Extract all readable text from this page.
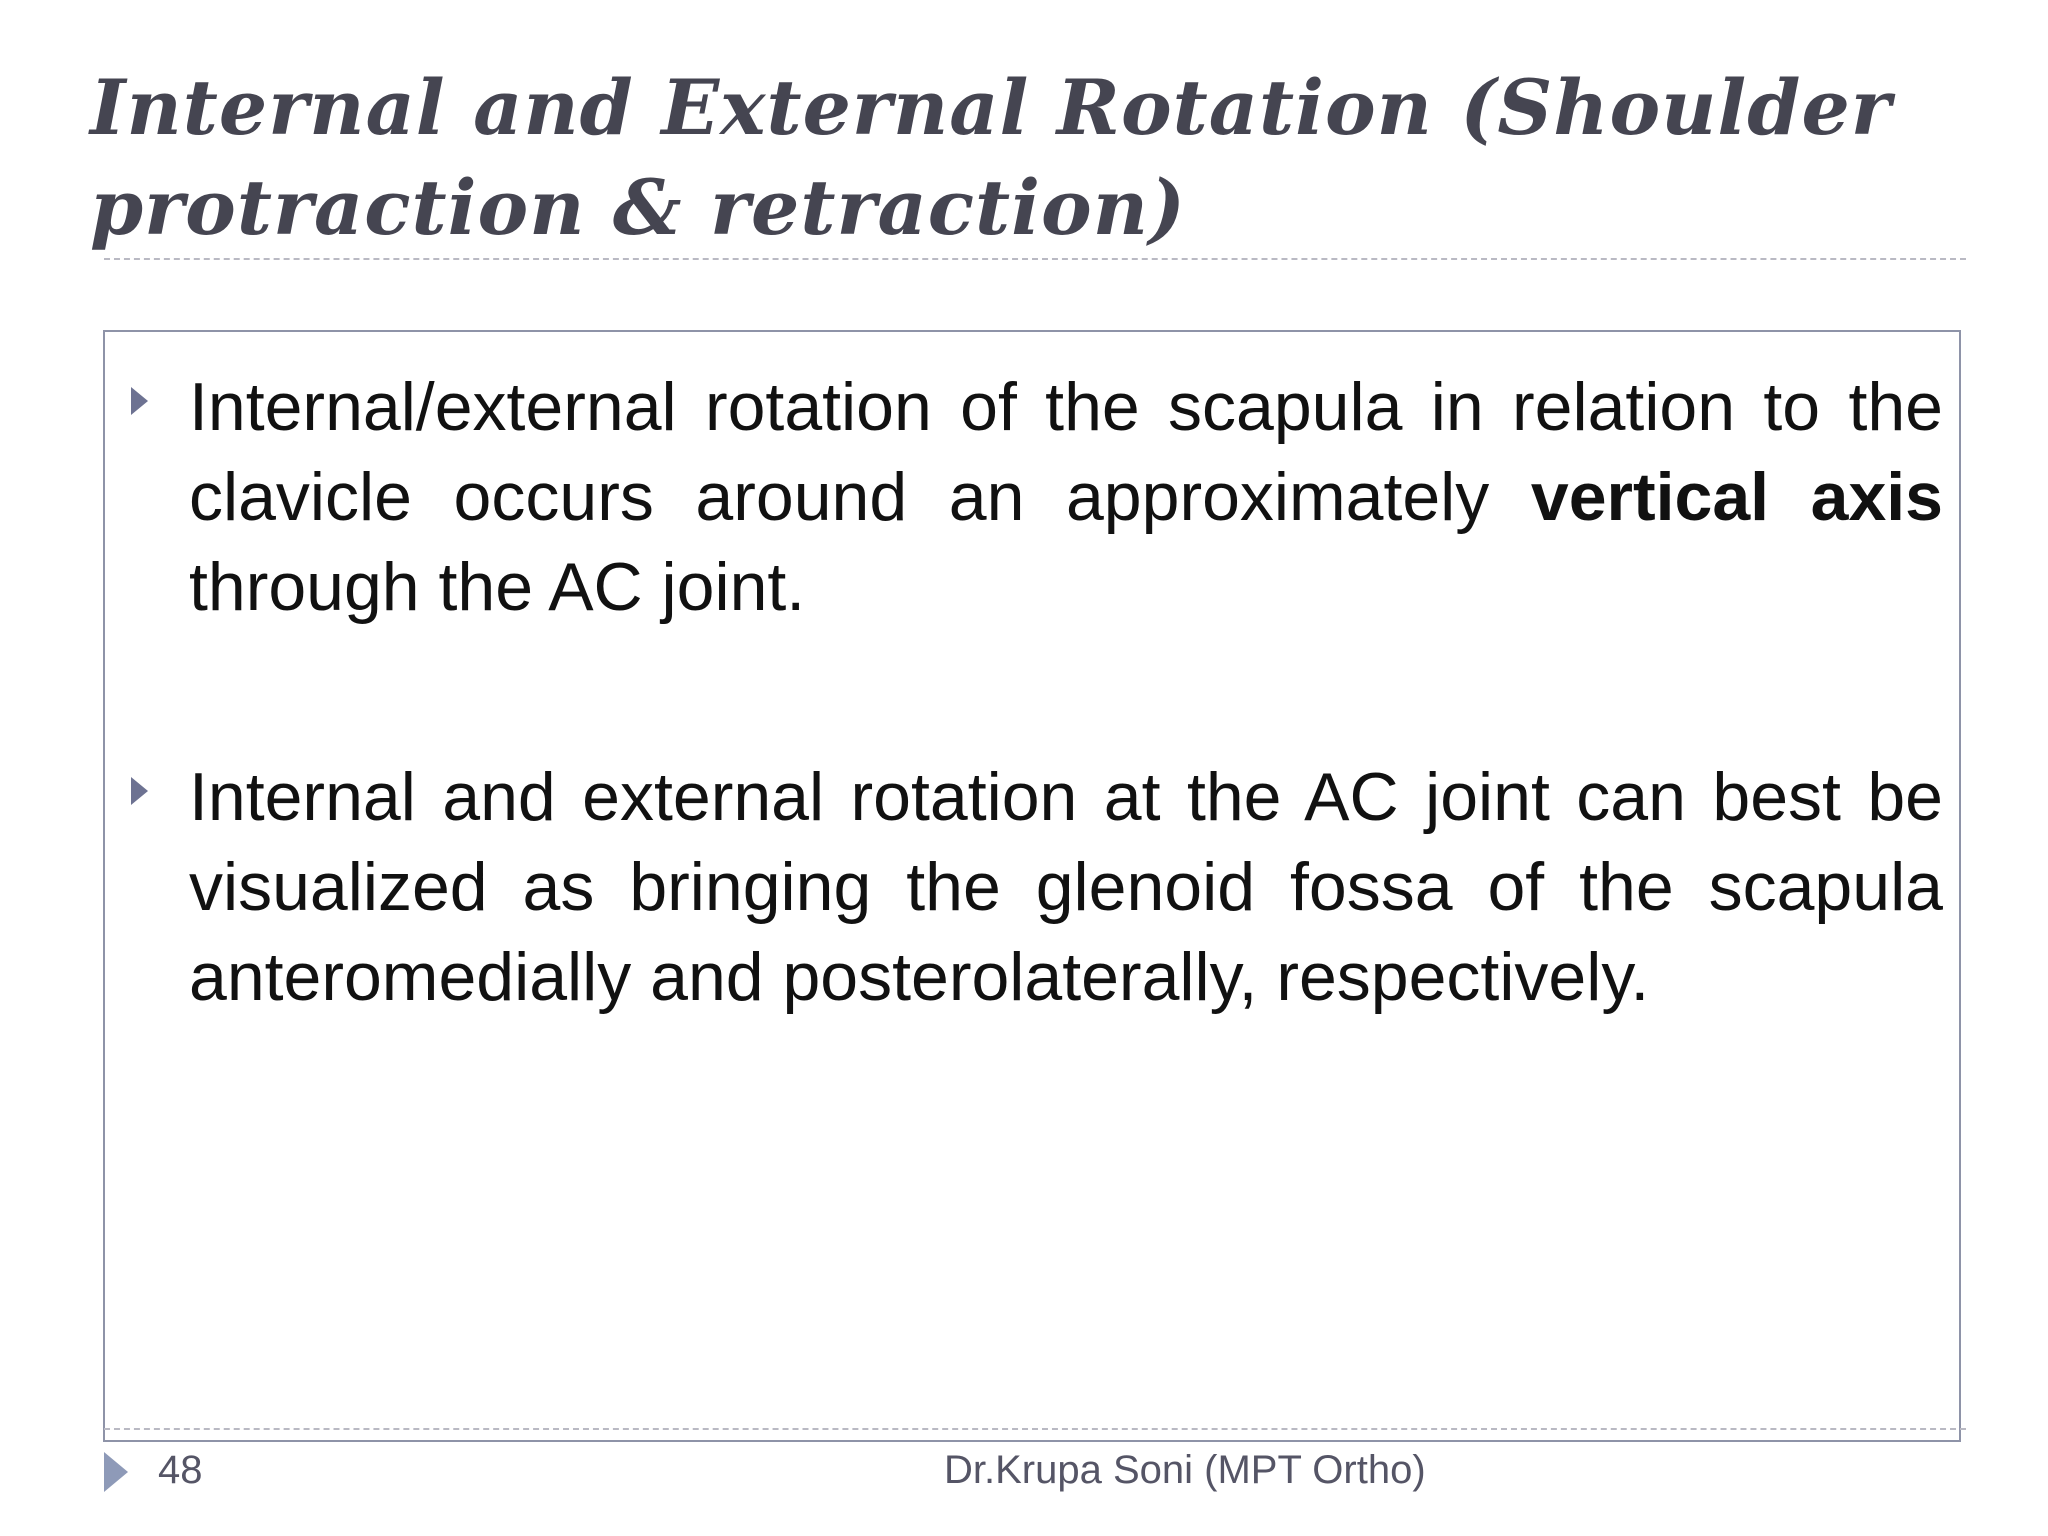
Internal and External Rotation (Shoulder protraction & retraction)

Internal/external rotation of the scapula in relation to the clavicle occurs around an approximately vertical axis through the AC joint.

Internal and external rotation at the AC joint can best be visualized as bringing the glenoid fossa of the scapula anteromedially and posterolaterally, respectively.

48	Dr.Krupa Soni (MPT Ortho)
